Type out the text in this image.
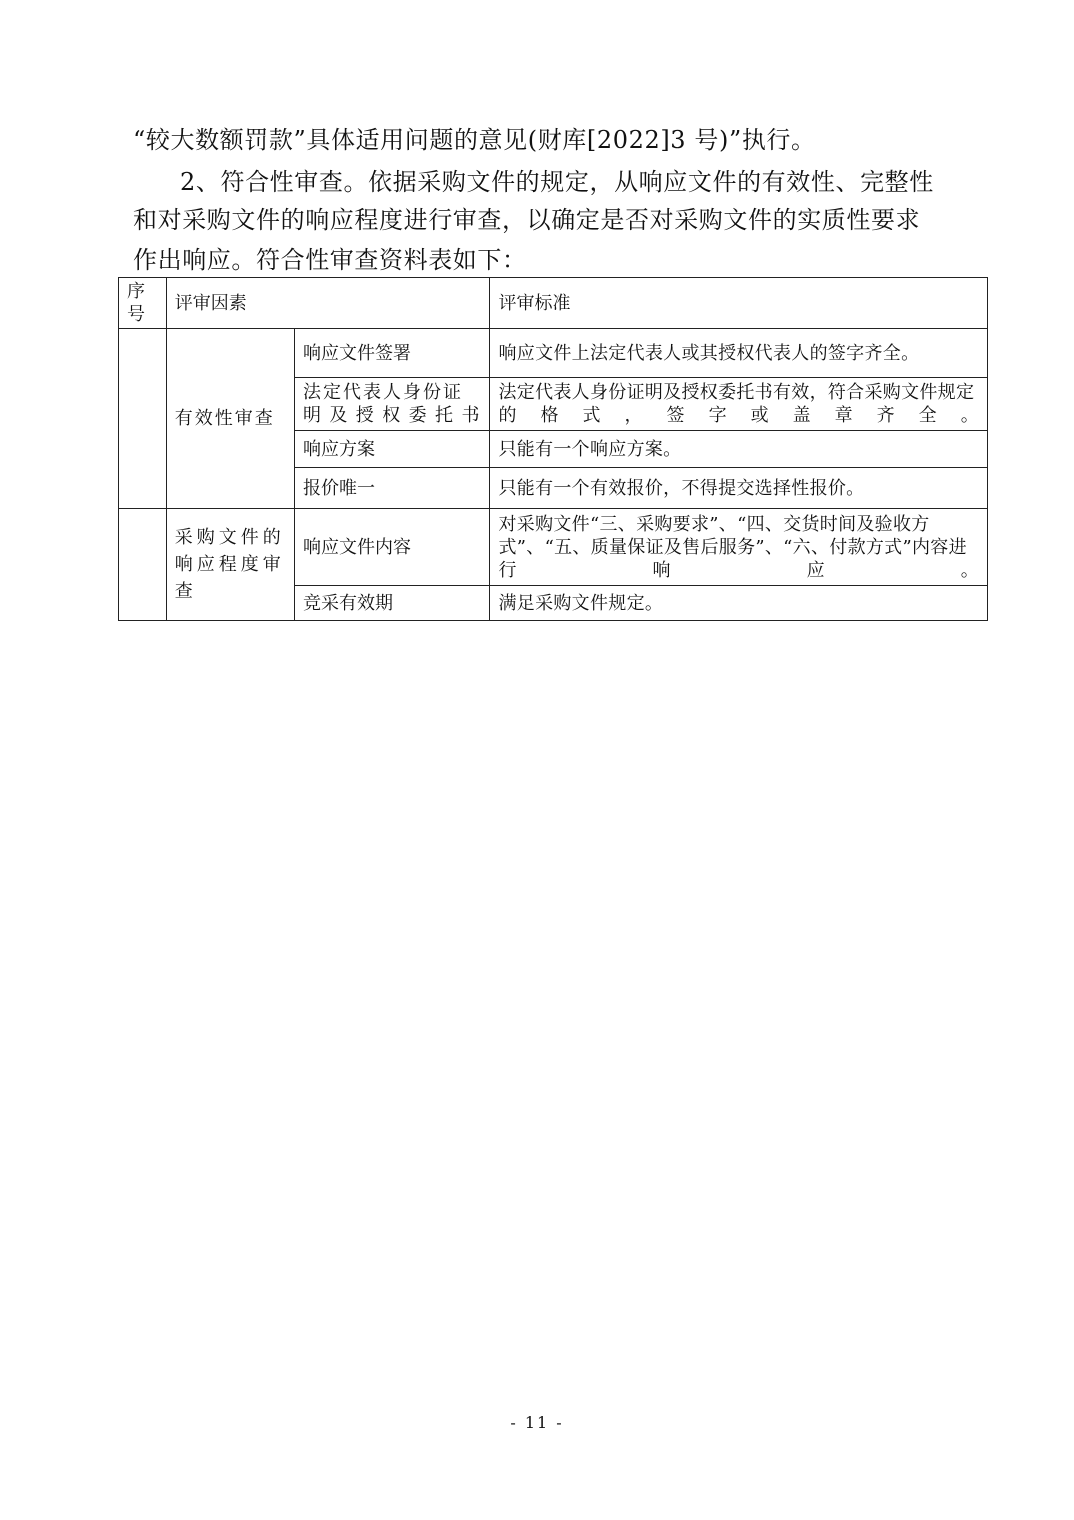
“较大数额罚款”具体适用问题的意见(财库[2022]3 号)”执行。
2、符合性审查。依据采购文件的规定，从响应文件的有效性、完整性
和对采购文件的响应程度进行审查，以确定是否对采购文件的实质性要求
作出响应。符合性审查资料表如下：
序号	评审因素		评审标准
	有效性审查	响应文件签署	响应文件上法定代表人或其授权代表人的签字齐全。
		法定代表人身份证明及授权委托书	法定代表人身份证明及授权委托书有效，符合采购文件规定的格式，签字或盖章齐全。
		响应方案	只能有一个响应方案。
		报价唯一	只能有一个有效报价，不得提交选择性报价。
	采购文件的响应程度审查	响应文件内容	对采购文件“三、采购要求”、“四、交货时间及验收方式”、“五、质量保证及售后服务”、“六、付款方式”内容进行响应。
		竞采有效期	满足采购文件规定。
- 11 -
